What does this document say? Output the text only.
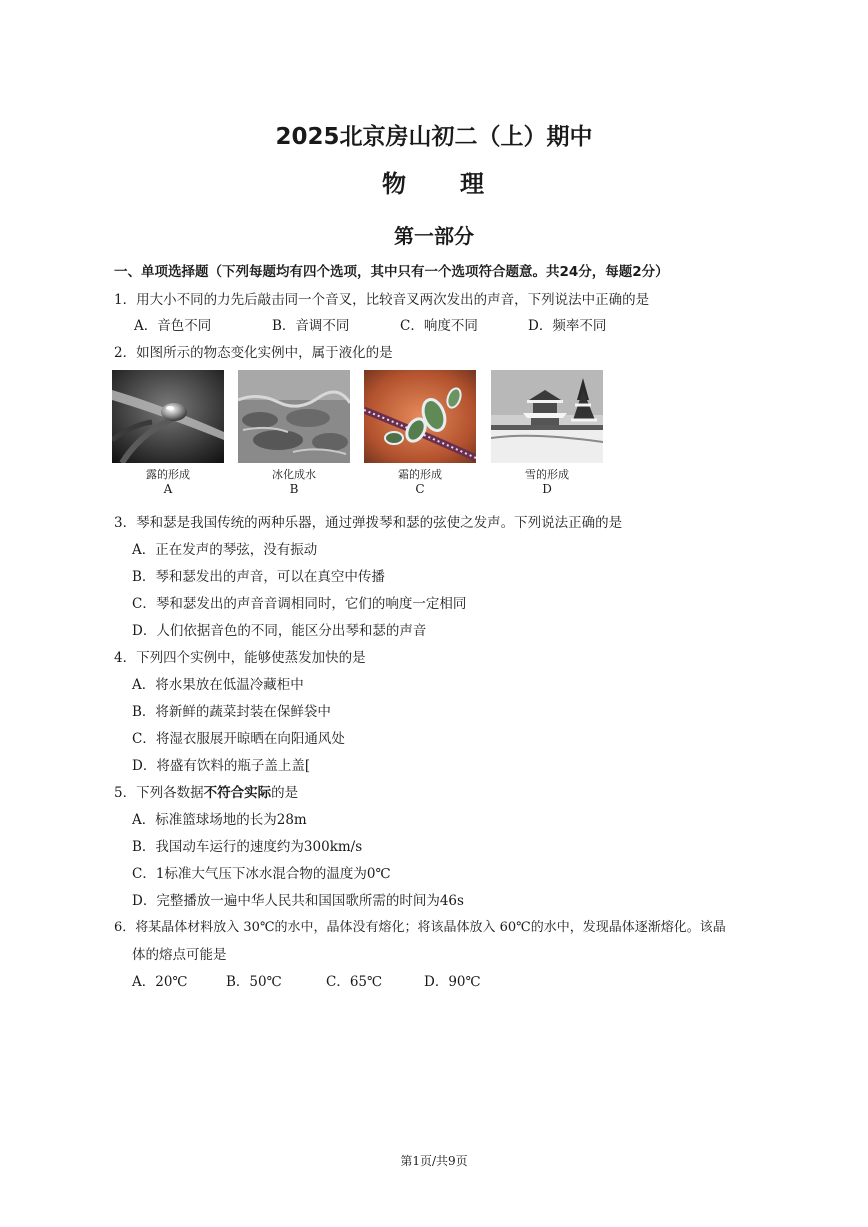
2025北京房山初二（上）期中
物　　理
第一部分
一、单项选择题（下列每题均有四个选项，其中只有一个选项符合题意。共24分，每题2分）
1．用大小不同的力先后敲击同一个音叉，比较音叉两次发出的声音，下列说法中正确的是
A．音色不同	B．音调不同	C．响度不同	D．频率不同
2．如图所示的物态变化实例中，属于液化的是
露的形成	冰化成水	霜的形成	雪的形成
A	B	C	D
3．琴和瑟是我国传统的两种乐器，通过弹拨琴和瑟的弦使之发声。下列说法正确的是
A．正在发声的琴弦，没有振动
B．琴和瑟发出的声音，可以在真空中传播
C．琴和瑟发出的声音音调相同时，它们的响度一定相同
D．人们依据音色的不同，能区分出琴和瑟的声音
4．下列四个实例中，能够使蒸发加快的是
A．将水果放在低温冷藏柜中
B．将新鲜的蔬菜封装在保鲜袋中
C．将湿衣服展开晾晒在向阳通风处
D．将盛有饮料的瓶子盖上盖[
5．下列各数据不符合实际的是
A．标准篮球场地的长为28m
B．我国动车运行的速度约为300km/s
C．1标准大气压下冰水混合物的温度为0℃
D．完整播放一遍中华人民共和国国歌所需的时间为46s
6．将某晶体材料放入 30℃的水中，晶体没有熔化；将该晶体放入 60℃的水中，发现晶体逐渐熔化。该晶
体的熔点可能是
A．20℃	B．50℃	C．65℃	D．90℃
第1页/共9页
